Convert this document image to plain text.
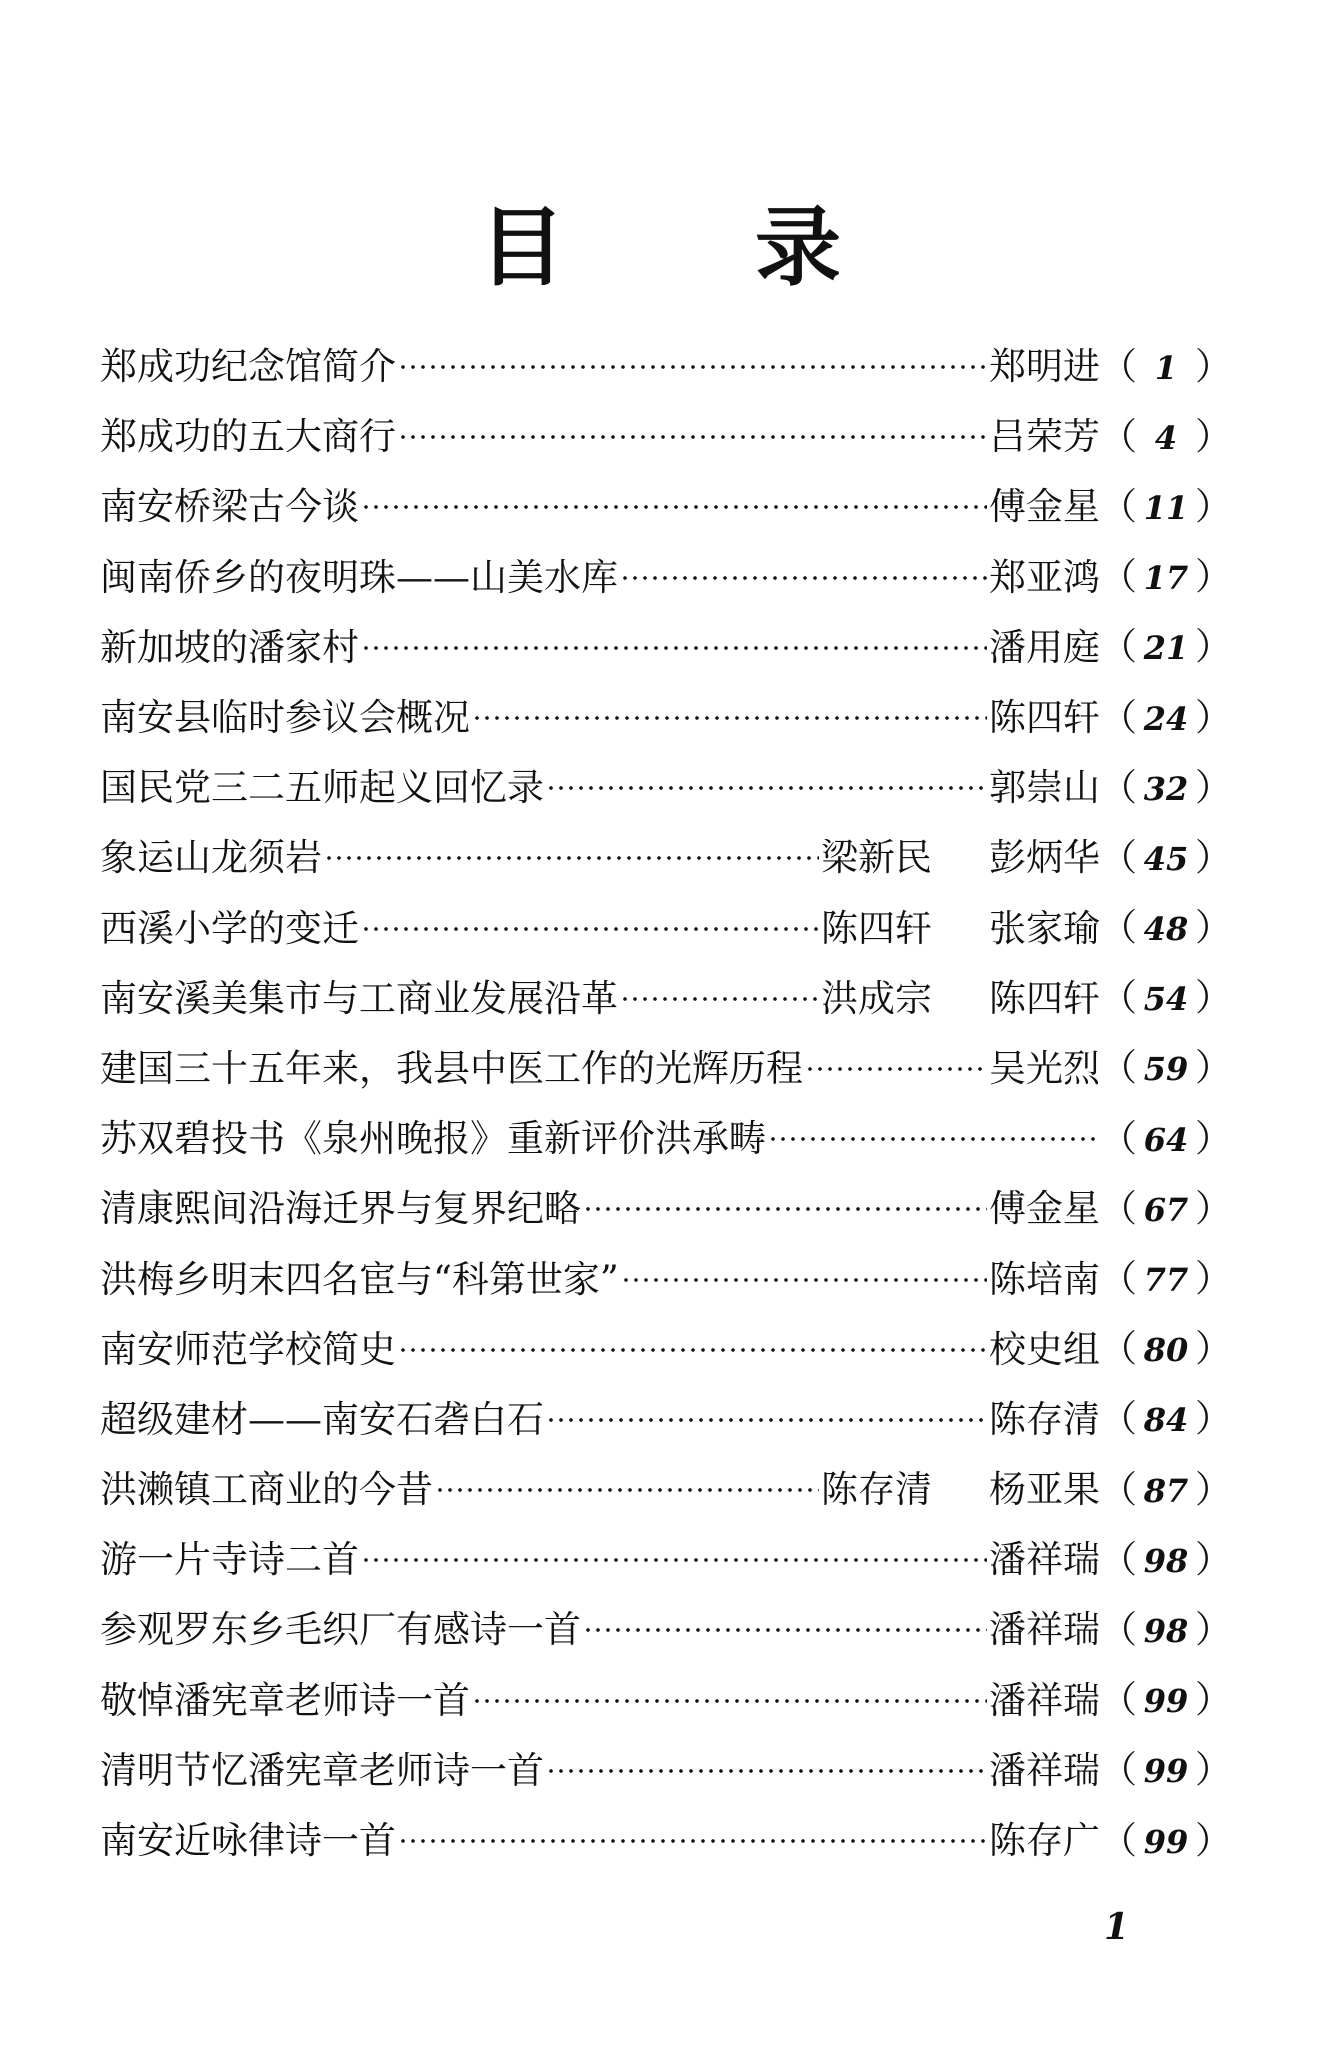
目 录
郑成功纪念馆简介	郑明进 （ 1 ）
郑成功的五大商行	吕荣芳 （ 4 ）
南安桥梁古今谈	傅金星 （ 11 ）
闽南侨乡的夜明珠——山美水库	郑亚鸿 （ 17 ）
新加坡的潘家村	潘用庭 （ 21 ）
南安县临时参议会概况	陈四轩 （ 24 ）
国民党三二五师起义回忆录	郭崇山 （ 32 ）
象运山龙须岩	梁新民 彭炳华 （ 45 ）
西溪小学的变迁	陈四轩 张家瑜 （ 48 ）
南安溪美集市与工商业发展沿革	洪成宗 陈四轩 （ 54 ）
建国三十五年来，我县中医工作的光辉历程	吴光烈 （ 59 ）
苏双碧投书《泉州晚报》重新评价洪承畴	（ 64 ）
清康熙间沿海迁界与复界纪略	傅金星 （ 67 ）
洪梅乡明末四名宦与“科第世家”	陈培南 （ 77 ）
南安师范学校简史	校史组 （ 80 ）
超级建材——南安石砻白石	陈存清 （ 84 ）
洪濑镇工商业的今昔	陈存清 杨亚果 （ 87 ）
游一片寺诗二首	潘祥瑞 （ 98 ）
参观罗东乡毛织厂有感诗一首	潘祥瑞 （ 98 ）
敬悼潘宪章老师诗一首	潘祥瑞 （ 99 ）
清明节忆潘宪章老师诗一首	潘祥瑞 （ 99 ）
南安近咏律诗一首	陈存广 （ 99 ）
1
